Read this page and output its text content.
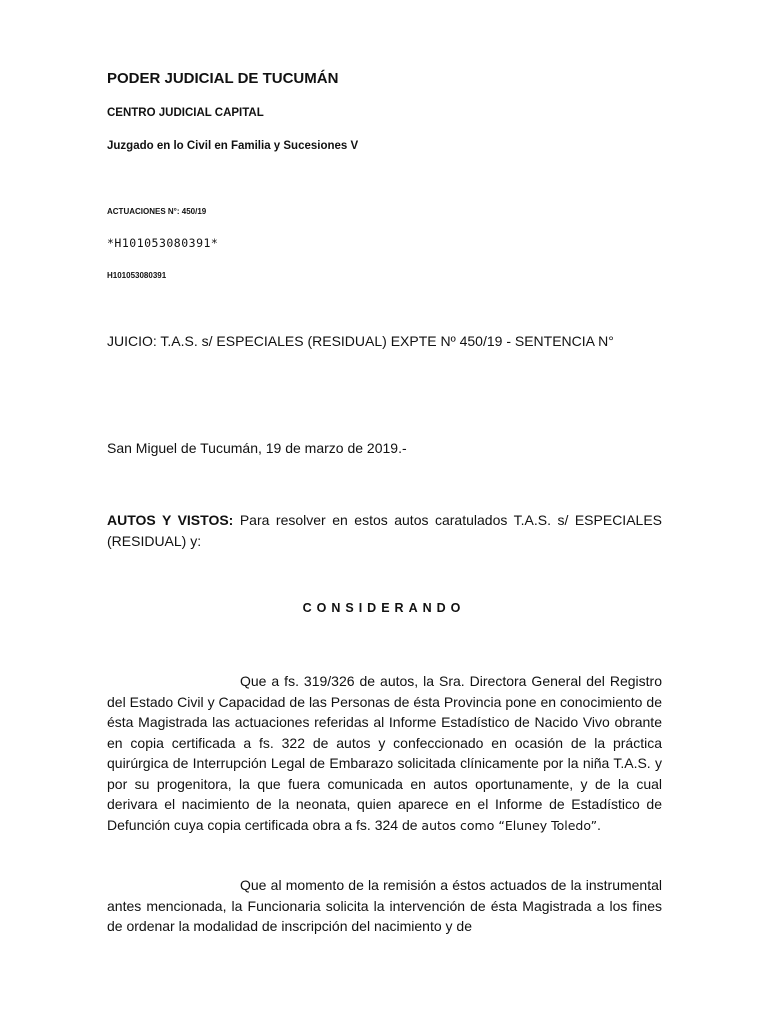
PODER JUDICIAL DE TUCUMÁN
CENTRO JUDICIAL CAPITAL
Juzgado en lo Civil en Familia y Sucesiones V
ACTUACIONES N°: 450/19
*H101053080391*
H101053080391
JUICIO: T.A.S. s/ ESPECIALES (RESIDUAL) EXPTE Nº 450/19 - SENTENCIA N°
San Miguel de Tucumán, 19 de marzo de 2019.-
AUTOS Y VISTOS: Para resolver en estos autos caratulados T.A.S. s/ ESPECIALES (RESIDUAL) y:
CONSIDERANDO
Que a fs. 319/326 de autos, la Sra. Directora General del Registro del Estado Civil y Capacidad de las Personas de ésta Provincia pone en conocimiento de ésta Magistrada las actuaciones referidas al Informe Estadístico de Nacido Vivo obrante en copia certificada a fs. 322 de autos y confeccionado en ocasión de la práctica quirúrgica de Interrupción Legal de Embarazo solicitada clínicamente por la niña T.A.S. y por su progenitora, la que fuera comunicada en autos oportunamente, y de la cual derivara el nacimiento de la neonata, quien aparece en el Informe de Estadístico de Defunción cuya copia certificada obra a fs. 324 de autos como “Eluney Toledo”.
Que al momento de la remisión a éstos actuados de la instrumental antes mencionada, la Funcionaria solicita la intervención de ésta Magistrada a los fines de ordenar la modalidad de inscripción del nacimiento y de
